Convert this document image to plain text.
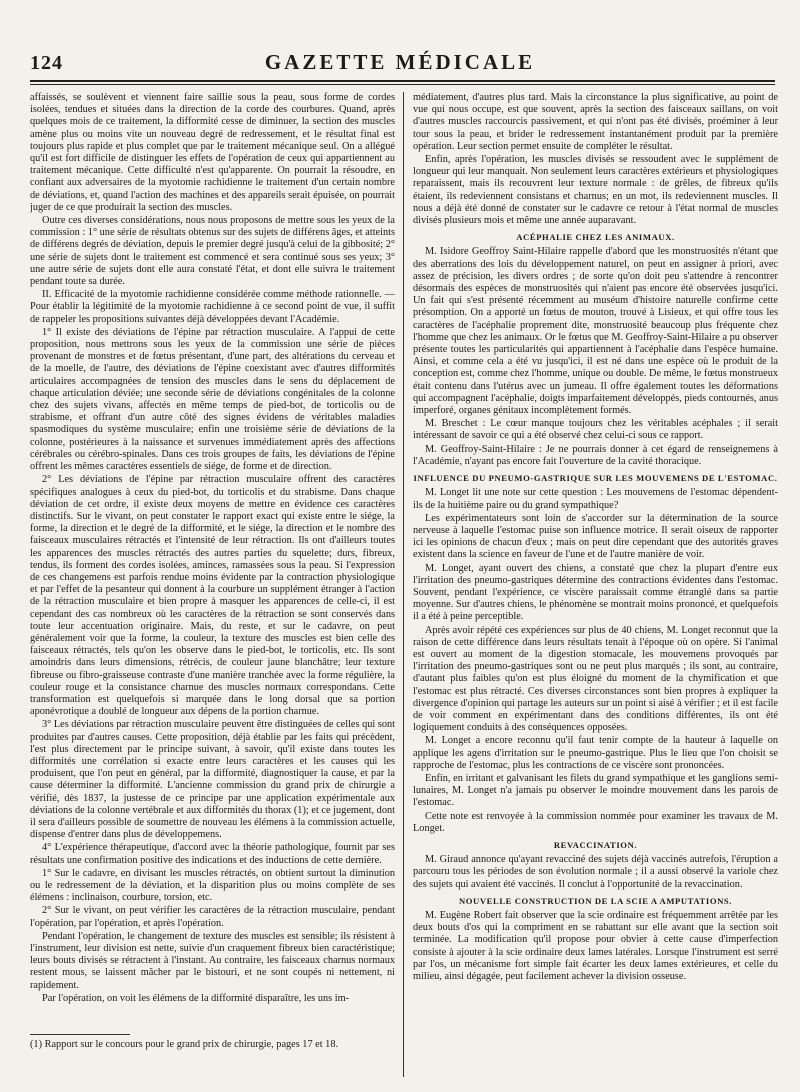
124	GAZETTE MÉDICALE

affaissés, se soulèvent et viennent faire saillie sous la peau, sous forme de cordes isolées, tendues et situées dans la direction de la corde des courbures. Quand, après quelques mois de ce traitement, la difformité cesse de diminuer, la section des muscles amène plus ou moins vite un nouveau degré de redressement, et le résultat final est toujours plus rapide et plus complet que par le traitement mécanique seul. On a allégué qu'il est fort difficile de distinguer les effets de l'opération de ceux qui appartiennent au traitement mécanique. Cette difficulté n'est qu'apparente. On pourrait la résoudre, en confiant aux adversaires de la myotomie rachidienne le traitement d'un certain nombre de déviations, et, quand l'action des machines et des appareils serait épuisée, on pourrait juger de ce que produirait la section des muscles.

Outre ces diverses considérations, nous nous proposons de mettre sous les yeux de la commission : 1° une série de résultats obtenus sur des sujets de différens âges, et atteints de différens degrés de déviation, depuis le premier degré jusqu'à celui de la gibbosité; 2° une série de sujets dont le traitement est commencé et sera continué sous ses yeux; 3° une autre série de sujets dont elle aura constaté l'état, et dont elle suivra le traitement pendant toute sa durée.

II. Efficacité de la myotomie rachidienne considérée comme méthode rationnelle. — Pour établir la légitimité de la myotomie rachidienne à ce second point de vue, il suffit de rappeler les propositions suivantes déjà développées devant l'Académie.

1° Il existe des déviations de l'épine par rétraction musculaire. A l'appui de cette proposition, nous mettrons sous les yeux de la commission une série de pièces provenant de monstres et de fœtus présentant, d'une part, des altérations du cerveau et de la moelle, de l'autre, des déviations de l'épine coexistant avec d'autres difformités articulaires accompagnées de tension des muscles dans le sens du déplacement de chaque articulation déviée; une seconde série de déviations congénitales de la colonne chez des sujets vivans, affectés en même temps de pied-bot, de torticolis ou de strabisme, et offrant d'un autre côté des signes évidens de véritables maladies spasmodiques du système musculaire; enfin une troisième série de déviations de la colonne, postérieures à la naissance et survenues immédiatement après des affections cérébrales ou cérébro-spinales. Dans ces trois groupes de faits, les déviations de l'épine offrent les mêmes caractères essentiels de siége, de forme et de direction.

2° Les déviations de l'épine par rétraction musculaire offrent des caractères spécifiques analogues à ceux du pied-bot, du torticolis et du strabisme. Dans chaque déviation de cet ordre, il existe deux moyens de mettre en évidence ces caractères distinctifs. Sur le vivant, on peut constater le rapport exact qui existe entre le siége, la forme, la direction et le degré de la difformité, et le siége, la direction et le nombre des faisceaux musculaires rétractés et l'intensité de leur rétraction. Ils ont d'ailleurs toutes les apparences des muscles rétractés des autres parties du squelette; durs, fibreux, tendus, ils forment des cordes isolées, aminces, ramassées sous la peau. Si l'expression de ces changemens est parfois rendue moins évidente par la contraction physiologique et par l'effet de la pesanteur qui donnent à la courbure un supplément étranger à l'action de la rétraction musculaire et bien propre à masquer les apparences de celle-ci, il est cependant des cas nombreux où les caractères de la rétraction se sont conservés dans toute leur accentuation originaire. Mais, du reste, et sur le cadavre, on peut généralement voir que la forme, la couleur, la texture des muscles est bien celle des faisceaux rétractés, tels qu'on les observe dans le pied-bot, le torticolis, etc. Ils sont amoindris dans leurs dimensions, rétrécis, de couleur jaune blanchâtre; leur texture fibreuse ou fibro-graisseuse contraste d'une manière tranchée avec la forme régulière, la couleur rouge et la consistance charnue des muscles normaux correspondans. Cette transformation est quelquefois si marquée dans le long dorsal que sa portion aponévrotique a doublé de longueur aux dépens de la portion charnue.

3° Les déviations par rétraction musculaire peuvent être distinguées de celles qui sont produites par d'autres causes. Cette proposition, déjà établie par les faits qui précèdent, l'est plus directement par le principe suivant, à savoir, qu'il existe dans toutes les difformités une corrélation si exacte entre leurs caractères et les causes qui les produisent, que l'on peut en général, par la difformité, diagnostiquer la cause, et par la cause déterminer la difformité. L'ancienne commission du grand prix de chirurgie a vérifié, dès 1837, la justesse de ce principe par une application expérimentale aux déviations de la colonne vertébrale et aux difformités du thorax (1); et ce jugement, dont il sera d'ailleurs possible de soumettre de nouveau les élémens à la commission actuelle, dispense d'entrer dans plus de développemens.

4° L'expérience thérapeutique, d'accord avec la théorie pathologique, fournit par ses résultats une confirmation positive des indications et des inductions de cette dernière.

1° Sur le cadavre, en divisant les muscles rétractés, on obtient surtout la diminution ou le redressement de la déviation, et la disparition plus ou moins complète de ses élémens : inclinaison, courbure, torsion, etc.

2° Sur le vivant, on peut vérifier les caractères de la rétraction musculaire, pendant l'opération, par l'opération, et après l'opération.

Pendant l'opération, le changement de texture des muscles est sensible; ils résistent à l'instrument, leur division est nette, suivie d'un craquement fibreux bien caractéristique; leurs bouts divisés se rétractent à l'instant. Au contraire, les faisceaux charnus normaux restent mous, se laissent mâcher par le bistouri, et ne sont coupés ni nettement, ni rapidement.

Par l'opération, on voit les élémens de la difformité disparaître, les uns im-

médiatement, d'autres plus tard. Mais la circonstance la plus significative, au point de vue qui nous occupe, est que souvent, après la section des faisceaux saillans, on voit d'autres muscles raccourcis passivement, et qui n'ont pas été divisés, proéminer à leur tour sous la peau, et brider le redressement instantanément produit par la première opération. Leur section permet ensuite de compléter le résultat.

Enfin, après l'opération, les muscles divisés se ressoudent avec le supplément de longueur qui leur manquait. Non seulement leurs caractères extérieurs et physiologiques reparaissent, mais ils recouvrent leur texture normale : de grêles, de fibreux qu'ils étaient, ils redeviennent consistans et charnus; en un mot, ils redeviennent muscles. Il nous a déjà été donné de constater sur le cadavre ce retour à l'état normal de muscles divisés plusieurs mois et même une année auparavant.

ACÉPHALIE CHEZ LES ANIMAUX.

M. Isidore Geoffroy Saint-Hilaire rappelle d'abord que les monstruosités n'étant que des aberrations des lois du développement naturel, on peut en assigner à priori, avec assez de précision, les divers ordres ; de sorte qu'on doit peu s'attendre à rencontrer désormais des espèces de monstruosités qui n'aient pas encore été observées jusqu'ici. Un fait qui s'est présenté récemment au muséum d'histoire naturelle confirme cette présomption. On a apporté un fœtus de mouton, trouvé à Lisieux, et qui offre tous les caractères de l'acéphalie proprement dite, monstruosité beaucoup plus fréquente chez l'homme que chez les animaux. Or le fœtus que M. Geoffroy-Saint-Hilaire a pu observer présente toutes les particularités qui appartiennent à l'acéphalie dans l'espèce humaine. Ainsi, et comme cela a été vu jusqu'ici, il est né dans une espèce où le produit de la conception est, comme chez l'homme, unique ou double. De même, le fœtus monstrueux était contenu dans l'utérus avec un jumeau. Il offre également toutes les déformations qui accompagnent l'acéphalie, doigts imparfaitement développés, pieds contournés, anus imperforé, organes génitaux incomplètement formés.

M. Breschet : Le cœur manque toujours chez les véritables acéphales ; il serait intéressant de savoir ce qui a été observé chez celui-ci sous ce rapport.

M. Geoffroy-Saint-Hilaire : Je ne pourrais donner à cet égard de renseignemens à l'Académie, n'ayant pas encore fait l'ouverture de la cavité thoracique.

INFLUENCE DU PNEUMO-GASTRIQUE SUR LES MOUVEMENS DE L'ESTOMAC.

M. Longet lit une note sur cette question : Les mouvemens de l'estomac dépendent-ils de la huitième paire ou du grand sympathique?

Les expérimentateurs sont loin de s'accorder sur la détermination de la source nerveuse à laquelle l'estomac puise son influence motrice. Il serait oiseux de rapporter ici les opinions de chacun d'eux ; mais on peut dire cependant que des autorités graves existent dans la science en faveur de l'une et de l'autre manière de voir.

M. Longet, ayant ouvert des chiens, a constaté que chez la plupart d'entre eux l'irritation des pneumo-gastriques détermine des contractions évidentes dans l'estomac. Souvent, pendant l'expérience, ce viscère paraissait comme étranglé dans sa partie moyenne. Sur d'autres chiens, le phénomène se montrait moins prononcé, et quelquefois il a été à peine perceptible.

Après avoir répété ces expériences sur plus de 40 chiens, M. Longet reconnut que la raison de cette différence dans leurs résultats tenait à l'époque où on opère. Si l'animal est ouvert au moment de la digestion stomacale, les mouvemens provoqués par l'irritation des pneumo-gastriques sont ou ne peut plus marqués ; ils sont, au contraire, d'autant plus faibles qu'on est plus éloigné du moment de la chymification et que l'estomac est plus rétracté. Ces diverses circonstances sont bien propres à expliquer la divergence d'opinion qui partage les auteurs sur un point si aisé à vérifier ; et il est facile de voir comment en expérimentant dans des conditions différentes, ils ont été logiquement conduits à des conséquences opposées.

M. Longet a encore reconnu qu'il faut tenir compte de la hauteur à laquelle on applique les agens d'irritation sur le pneumo-gastrique. Plus le lieu que l'on choisit se rapproche de l'estomac, plus les contractions de ce viscère sont prononcées.

Enfin, en irritant et galvanisant les filets du grand sympathique et les ganglions semi-lunaires, M. Longet n'a jamais pu observer le moindre mouvement dans les parois de l'estomac.

Cette note est renvoyée à la commission nommée pour examiner les travaux de M. Longet.

REVACCINATION.

M. Giraud annonce qu'ayant revacciné des sujets déjà vaccinés autrefois, l'éruption a parcouru tous les périodes de son évolution normale ; il a aussi observé la variole chez des sujets qui avaient été vaccinés. Il conclut à l'opportunité de la revaccination.

NOUVELLE CONSTRUCTION DE LA SCIE A AMPUTATIONS.

M. Eugène Robert fait observer que la scie ordinaire est fréquemment arrêtée par les deux bouts d'os qui la compriment en se rabattant sur elle avant que la section soit terminée. La modification qu'il propose pour obvier à cette cause d'imperfection consiste à ajouter à la scie ordinaire deux lames latérales. Lorsque l'instrument est serré par l'os, un mécanisme fort simple fait écarter les deux lames extérieures, et celle du milieu, ainsi dégagée, peut facilement achever la division osseuse.

(1) Rapport sur le concours pour le grand prix de chirurgie, pages 17 et 18.
